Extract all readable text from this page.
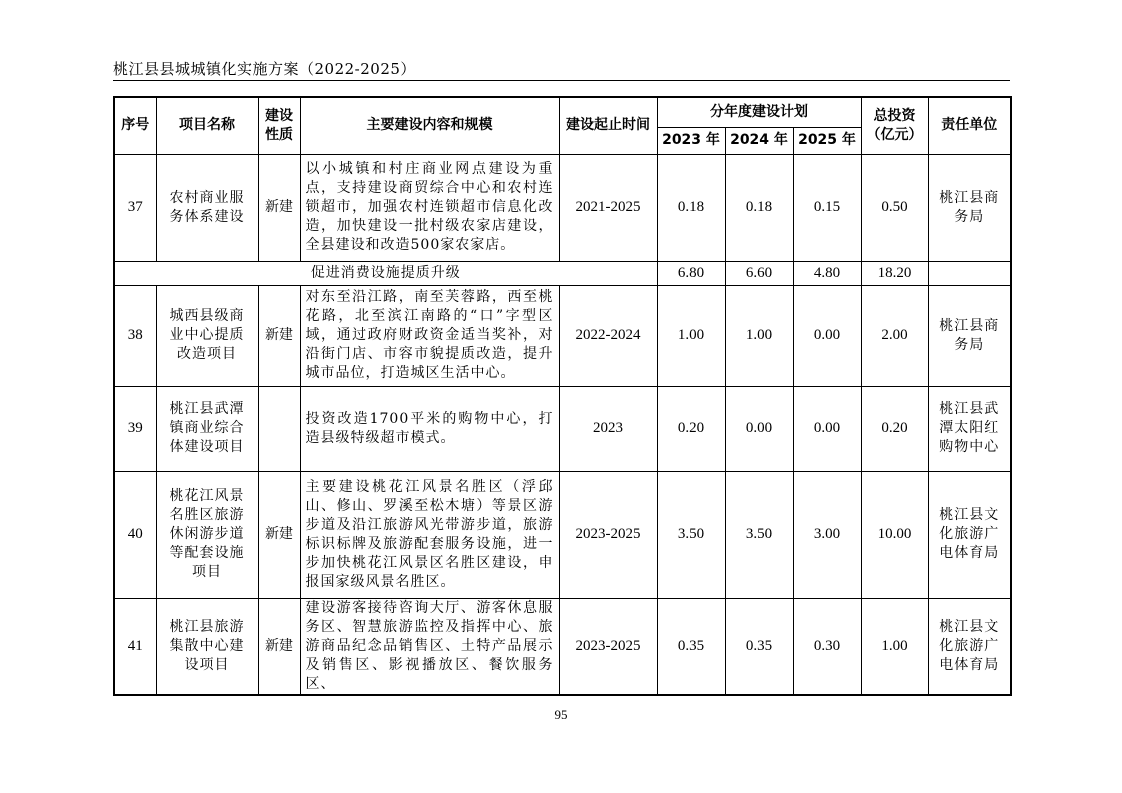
桃江县县城城镇化实施方案（2022-2025）
序号	项目名称	建设性质	主要建设内容和规模	建设起止时间	分年度建设计划			总投资（亿元）	责任单位
					2023 年	2024 年	2025 年		
37	农村商业服务体系建设	新建	以小城镇和村庄商业网点建设为重点，支持建设商贸综合中心和农村连锁超市，加强农村连锁超市信息化改造，加快建设一批村级农家店建设，全县建设和改造500家农家店。	2021-2025	0.18	0.18	0.15	0.50	桃江县商务局
促进消费设施提质升级					6.80	6.60	4.80	18.20	
38	城西县级商业中心提质改造项目	新建	对东至沿江路，南至芙蓉路，西至桃花路，北至滨江南路的“口”字型区域，通过政府财政资金适当奖补，对沿街门店、市容市貌提质改造，提升城市品位，打造城区生活中心。	2022-2024	1.00	1.00	0.00	2.00	桃江县商务局
39	桃江县武潭镇商业综合体建设项目		投资改造1700平米的购物中心，打造县级特级超市模式。	2023	0.20	0.00	0.00	0.20	桃江县武潭太阳红购物中心
40	桃花江风景名胜区旅游休闲游步道等配套设施项目	新建	主要建设桃花江风景名胜区（浮邱山、修山、罗溪至松木塘）等景区游步道及沿江旅游风光带游步道，旅游标识标牌及旅游配套服务设施，进一步加快桃花江风景区名胜区建设，申报国家级风景名胜区。	2023-2025	3.50	3.50	3.00	10.00	桃江县文化旅游广电体育局
41	桃江县旅游集散中心建设项目	新建	建设游客接待咨询大厅、游客休息服务区、智慧旅游监控及指挥中心、旅游商品纪念品销售区、土特产品展示及销售区、影视播放区、餐饮服务区、	2023-2025	0.35	0.35	0.30	1.00	桃江县文化旅游广电体育局
95
